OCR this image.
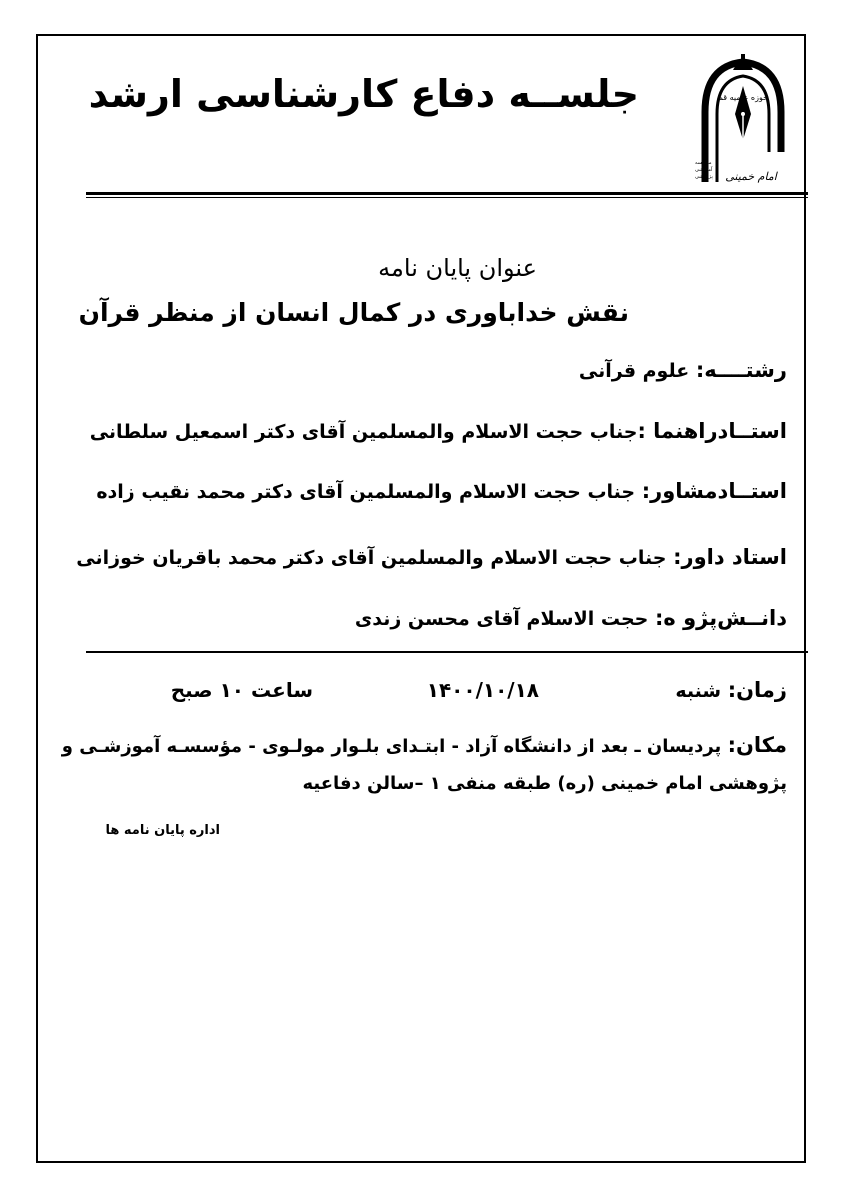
حوزه علمیه قم
مؤسسه
آموزشی
پژوهشی امام خمینی
جلســه دفاع کارشناسی ارشد
عنوان پایان نامه
نقش خداباوری در کمال انسان از منظر قرآن
رشتــــه: علوم قرآنی
استــادراهنما :جناب حجت الاسلام والمسلمین آقای دکتر اسمعیل سلطانی
استــادمشاور: جناب حجت الاسلام والمسلمین آقای دکتر محمد نقیب زاده
استاد داور: جناب حجت الاسلام والمسلمین آقای دکتر محمد باقریان خوزانی
دانــش‌پژو ه: حجت الاسلام آقای محسن زندی
زمان: شنبه
۱۴۰۰/۱۰/۱۸
ساعت ۱۰ صبح
مکان: پردیسان ـ بعد از دانشگاه آزاد - ابتـدای بلـوار مولـوی - مؤسسـه آموزشـی و
پژوهشی امام خمینی (ره) طبقه منفی ۱ –سالن دفاعیه
اداره پایان نامه ها
